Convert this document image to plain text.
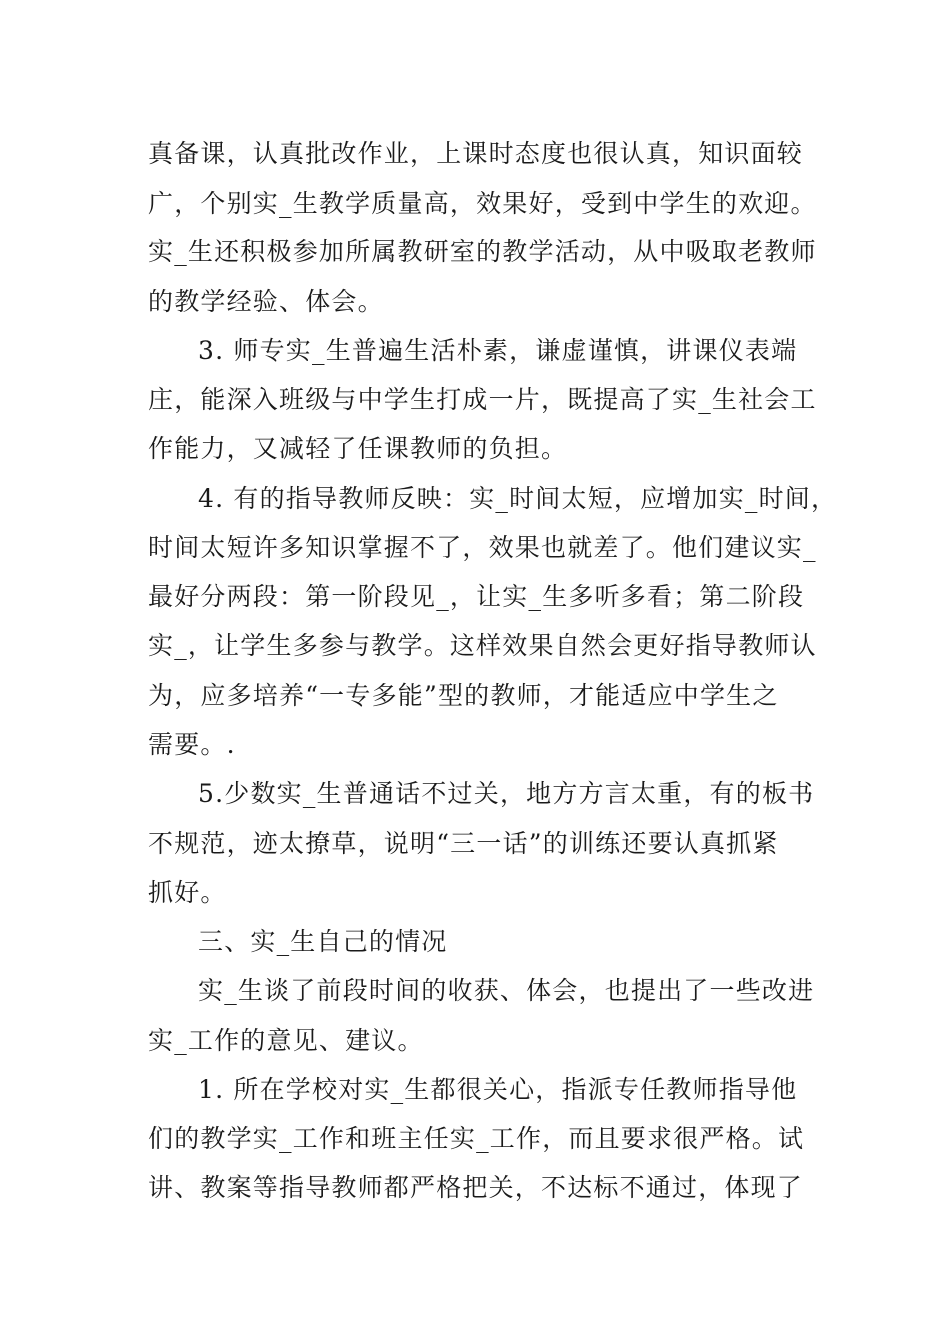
真备课，认真批改作业，上课时态度也很认真，知识面较
广，个别实_生教学质量高，效果好，受到中学生的欢迎。
实_生还积极参加所属教研室的教学活动，从中吸取老教师
的教学经验、体会。
3. 师专实_生普遍生活朴素，谦虚谨慎，讲课仪表端
庄，能深入班级与中学生打成一片，既提高了实_生社会工
作能力，又减轻了任课教师的负担。
4. 有的指导教师反映：实_时间太短，应增加实_时间，
时间太短许多知识掌握不了，效果也就差了。他们建议实_
最好分两段：第一阶段见_，让实_生多听多看；第二阶段
实_，让学生多参与教学。这样效果自然会更好指导教师认
为，应多培养“一专多能”型的教师，才能适应中学生之
需要。.
5.少数实_生普通话不过关，地方方言太重，有的板书
不规范，迹太撩草，说明“三一话”的训练还要认真抓紧
抓好。
三、实_生自己的情况
实_生谈了前段时间的收获、体会，也提出了一些改进
实_工作的意见、建议。
1. 所在学校对实_生都很关心，指派专任教师指导他
们的教学实_工作和班主任实_工作，而且要求很严格。试
讲、教案等指导教师都严格把关，不达标不通过，体现了
